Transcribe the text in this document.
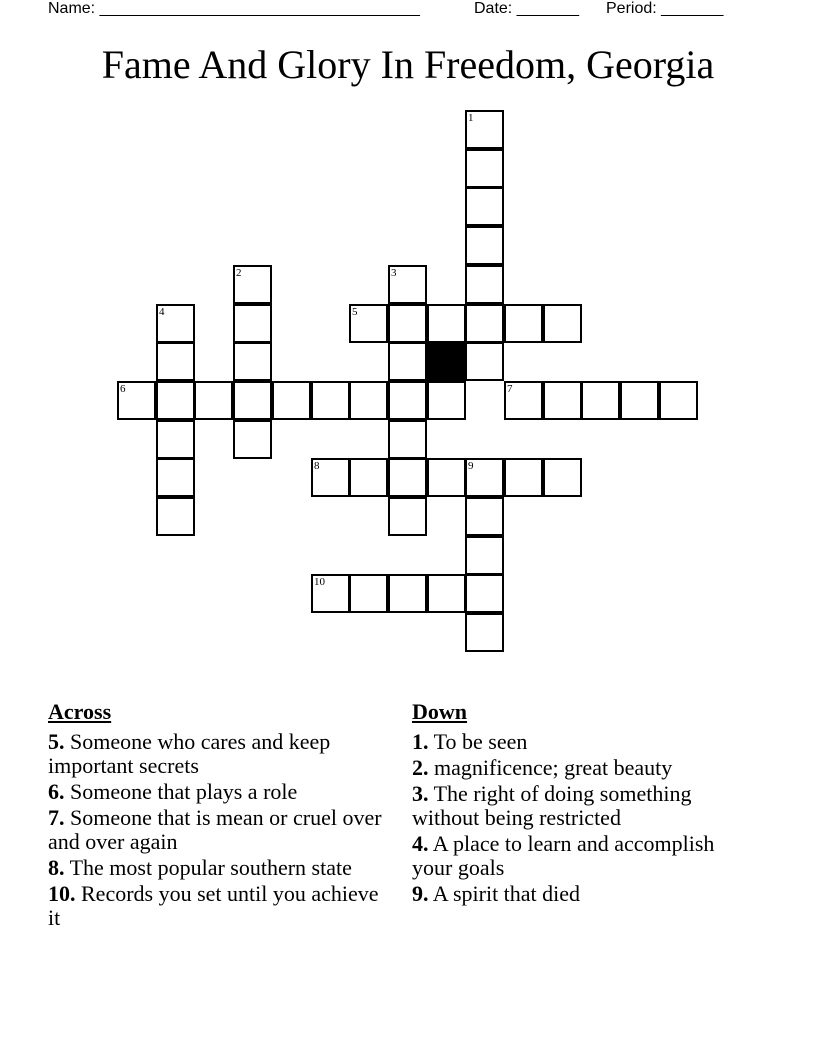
Name: ____________________________________	Date: _______ Period: _______
Fame And Glory In Freedom, Georgia
1
2	3
4	5
6	7
8	9
10
Across
5. Someone who cares and keep important secrets
6. Someone that plays a role
7. Someone that is mean or cruel over and over again
8. The most popular southern state
10. Records you set until you achieve it
Down
1. To be seen
2. magnificence; great beauty
3. The right of doing something without being restricted
4. A place to learn and accomplish your goals
9. A spirit that died
